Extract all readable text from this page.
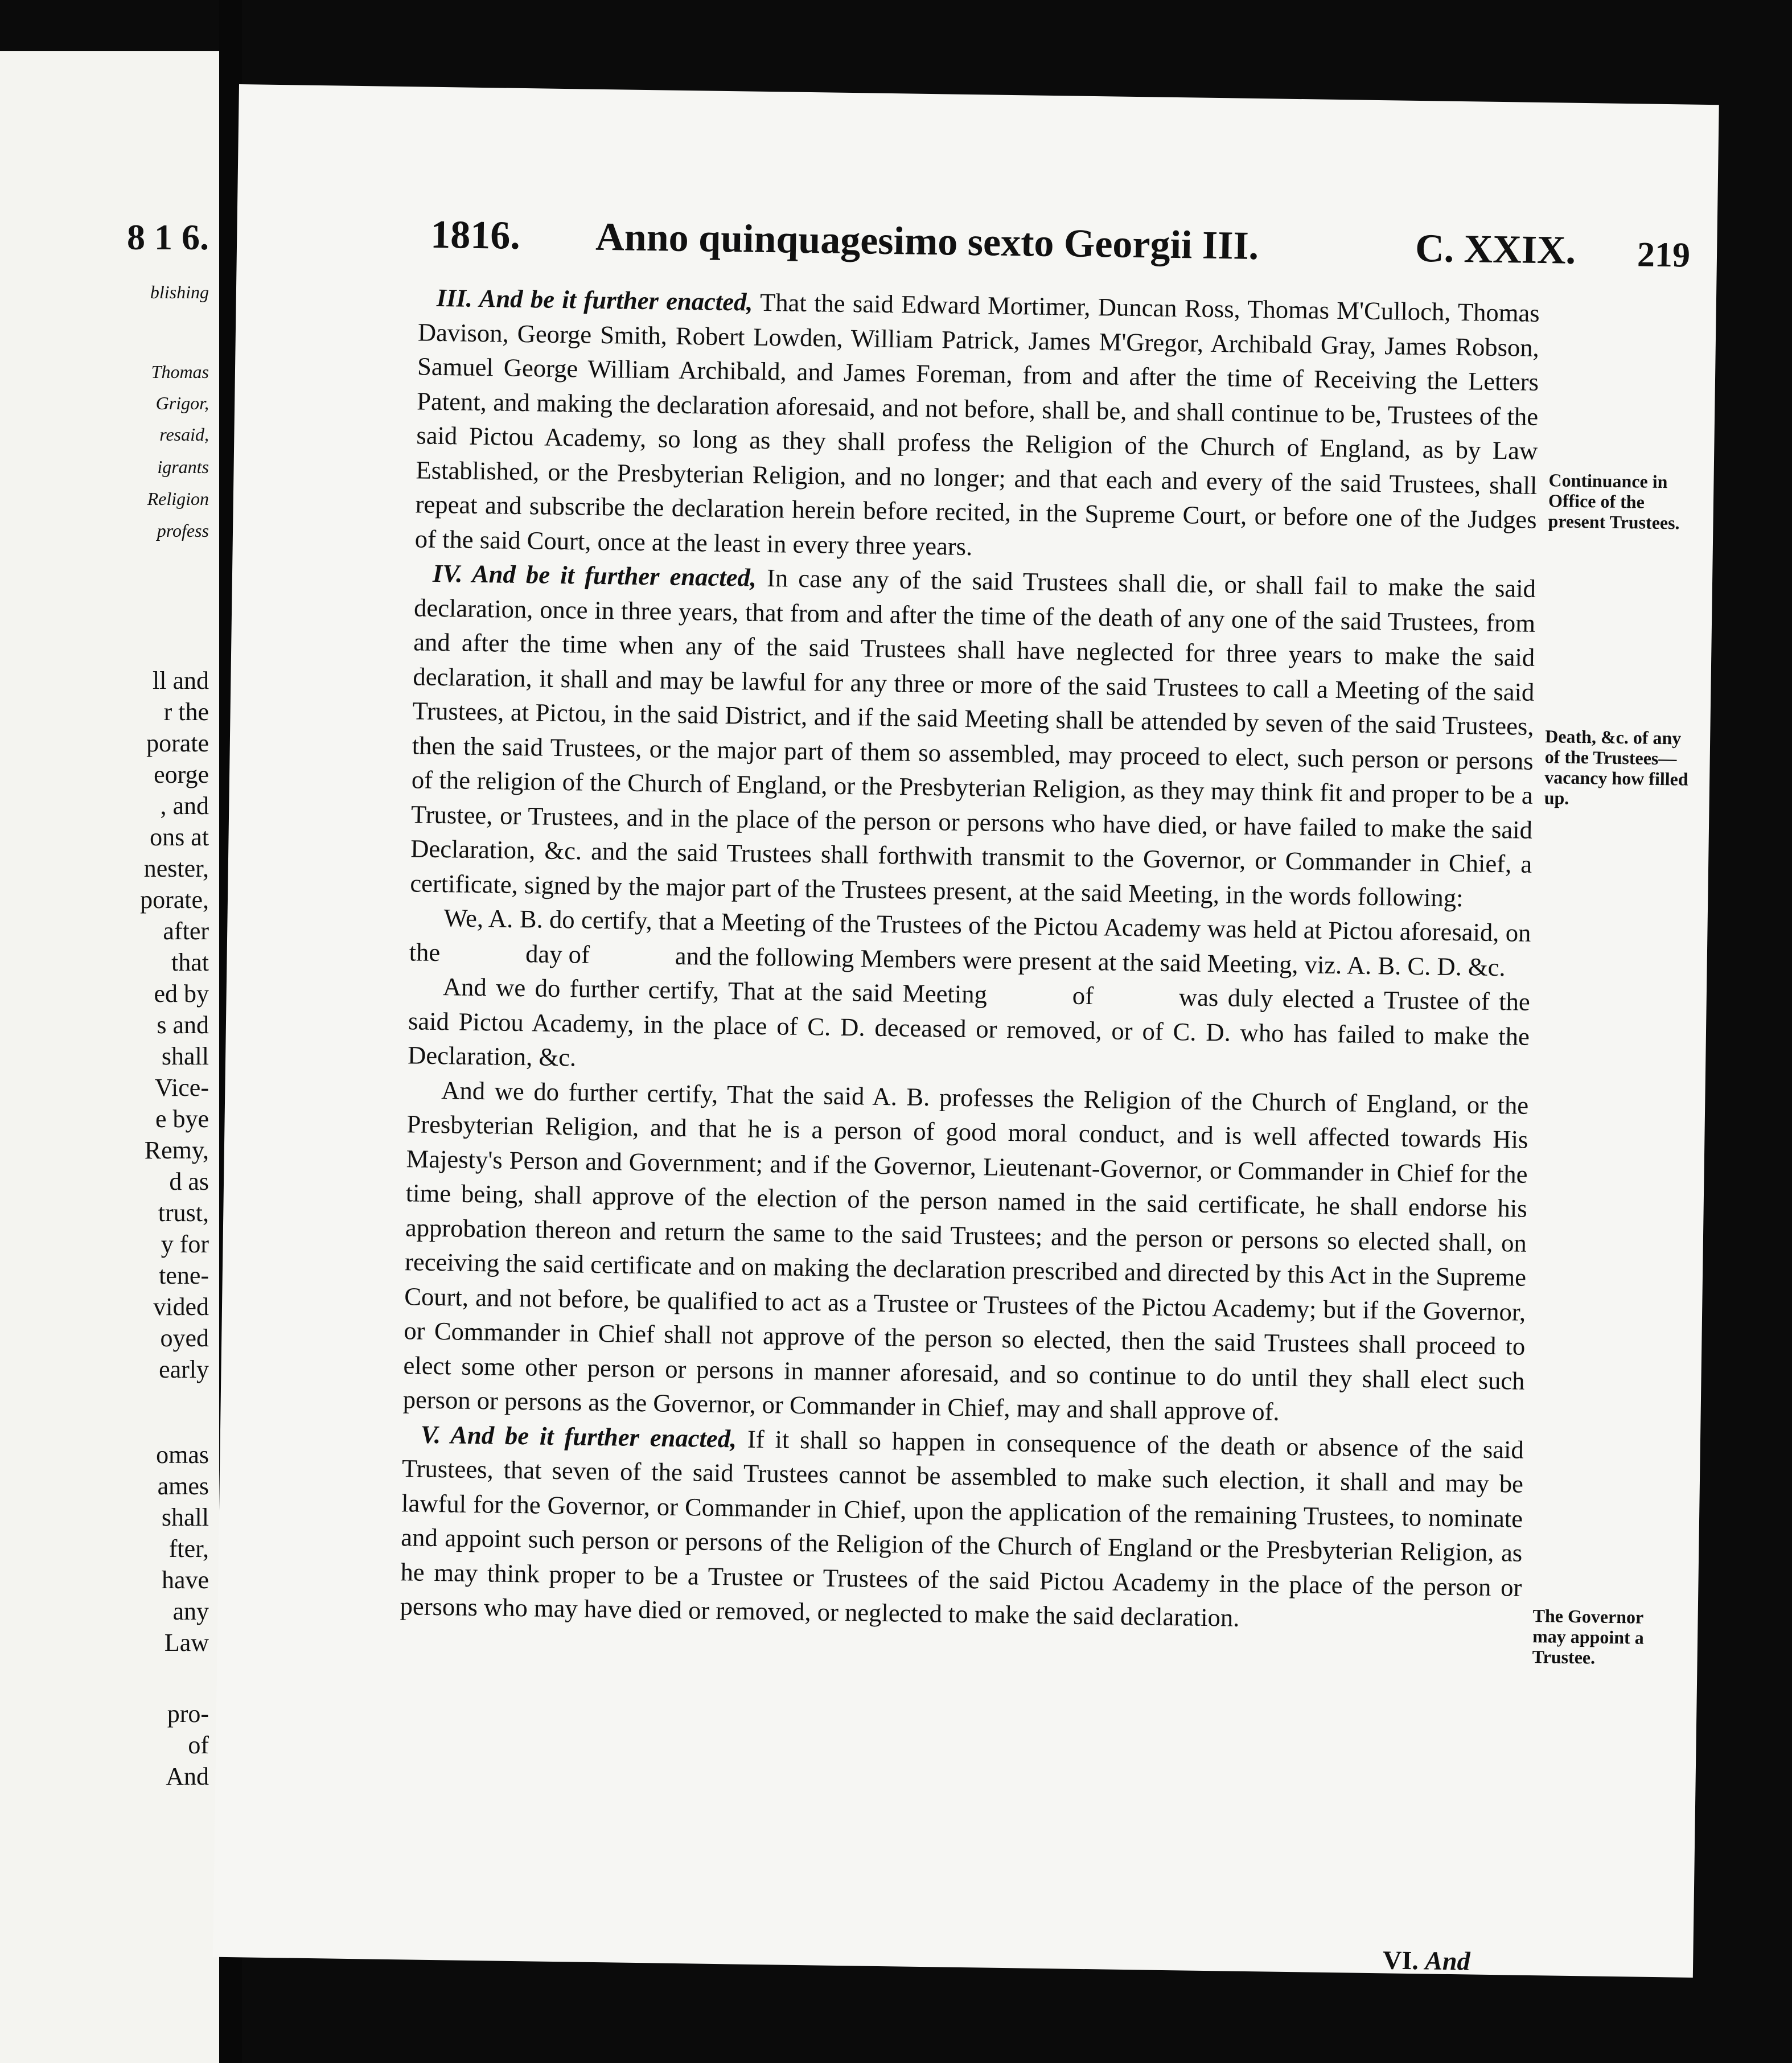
8 1 6.
blishing
Thomas
Grigor,
resaid,
igrants
Religion
profess
ll and
r the
porate
eorge
, and
ons at
nester,
porate,
after
that
ed by
s and
shall
Vice-
e bye
Remy,
d as
trust,
y for
tene-
vided
oyed
early
omas
ames
shall
fter,
have
any
Law
pro-
of
And
1816. Anno quinquagesimo sexto Georgii III.	C. XXIX. 219

III. And be it further enacted, That the said Edward Mortimer, Duncan Ross, Thomas M'Culloch, Thomas Davison, George Smith, Robert Lowden, William Patrick, James M'Gregor, Archibald Gray, James Robson, Samuel George William Archibald, and James Foreman, from and after the time of Receiving the Letters Patent, and making the declaration aforesaid, and not before, shall be, and shall continue to be, Trustees of the said Pictou Academy, so long as they shall profess the Religion of the Church of England, as by Law Established, or the Presbyterian Religion, and no longer; and that each and every of the said Trustees, shall repeat and subscribe the declaration herein before recited, in the Supreme Court, or before one of the Judges of the said Court, once at the least in every three years.

IV. And be it further enacted, In case any of the said Trustees shall die, or shall fail to make the said declaration, once in three years, that from and after the time of the death of any one of the said Trustees, from and after the time when any of the said Trustees shall have neglected for three years to make the said declaration, it shall and may be lawful for any three or more of the said Trustees to call a Meeting of the said Trustees, at Pictou, in the said District, and if the said Meeting shall be attended by seven of the said Trustees, then the said Trustees, or the major part of them so assembled, may proceed to elect, such person or persons of the religion of the Church of England, or the Presbyterian Religion, as they may think fit and proper to be a Trustee, or Trustees, and in the place of the person or persons who have died, or have failed to make the said Declaration, &c. and the said Trustees shall forthwith transmit to the Governor, or Commander in Chief, a certificate, signed by the major part of the Trustees present, at the said Meeting, in the words following:

We, A. B. do certify, that a Meeting of the Trustees of the Pictou Academy was held at Pictou aforesaid, on the	day of	and the following Members were present at the said Meeting, viz. A. B. C. D. &c.

And we do further certify, That at the said Meeting	of	was duly elected a Trustee of the said Pictou Academy, in the place of C. D. deceased or removed, or of C. D. who has failed to make the Declaration, &c.

And we do further certify, That the said A. B. professes the Religion of the Church of England, or the Presbyterian Religion, and that he is a person of good moral conduct, and is well affected towards His Majesty's Person and Government; and if the Governor, Lieutenant-Governor, or Commander in Chief for the time being, shall approve of the election of the person named in the said certificate, he shall endorse his approbation thereon and return the same to the said Trustees; and the person or persons so elected shall, on receiving the said certificate and on making the declaration prescribed and directed by this Act in the Supreme Court, and not before, be qualified to act as a Trustee or Trustees of the Pictou Academy; but if the Governor, or Commander in Chief shall not approve of the person so elected, then the said Trustees shall proceed to elect some other person or persons in manner aforesaid, and so continue to do until they shall elect such person or persons as the Governor, or Commander in Chief, may and shall approve of.

V. And be it further enacted, If it shall so happen in consequence of the death or absence of the said Trustees, that seven of the said Trustees cannot be assembled to make such election, it shall and may be lawful for the Governor, or Commander in Chief, upon the application of the remaining Trustees, to nominate and appoint such person or persons of the Religion of the Church of England or the Presbyterian Religion, as he may think proper to be a Trustee or Trustees of the said Pictou Academy in the place of the person or persons who may have died or removed, or neglected to make the said declaration.

Continuance in Office of the present Trustees.
Death, &c. of any of the Trustees—vacancy how filled up.
The Governor may appoint a Trustee.
VI. And
